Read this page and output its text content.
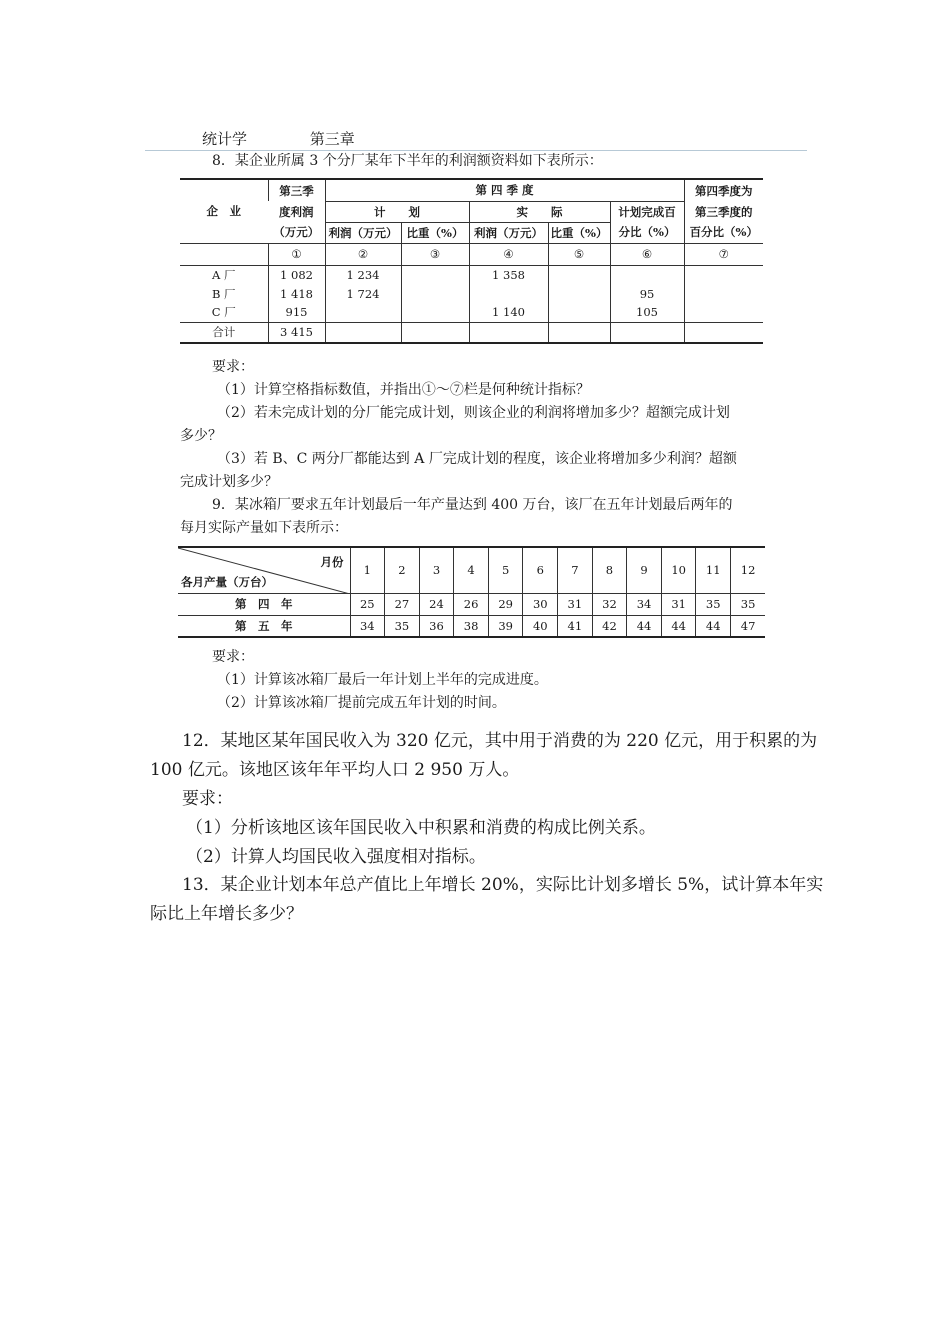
统计学	第三章
8．某企业所属 3 个分厂某年下半年的利润额资料如下表所示：
企　业	第三季	第 四 季 度					第四季度为
	度利润	计　　划		实　　际		计划完成百	第三季度的
	（万元）	利润（万元）	比重（%）	利润（万元）	比重（%）	分比（%）	百分比（%）
	①	②	③	④	⑤	⑥	⑦
A 厂	1 082	1 234		1 358			
B 厂	1 418	1 724				95	
C 厂	915			1 140		105	
合计	3 415						
要求：
（1）计算空格指标数值，并指出①～⑦栏是何种统计指标？
（2）若未完成计划的分厂能完成计划，则该企业的利润将增加多少？超额完成计划
多少？
（3）若 B、C 两分厂都能达到 A 厂完成计划的程度，该企业将增加多少利润？超额
完成计划多少？
9．某冰箱厂要求五年计划最后一年产量达到 400 万台，该厂在五年计划最后两年的
每月实际产量如下表所示：
月份
各月产量（万台）	1	2	3	4	5	6	7	8	9	10	11	12
第　四　年	25	27	24	26	29	30	31	32	34	31	35	35
第　五　年	34	35	36	38	39	40	41	42	44	44	44	47
要求：
（1）计算该冰箱厂最后一年计划上半年的完成进度。
（2）计算该冰箱厂提前完成五年计划的时间。
12．某地区某年国民收入为 320 亿元，其中用于消费的为 220 亿元，用于积累的为
100 亿元。该地区该年年平均人口 2 950 万人。
要求：
（1）分析该地区该年国民收入中积累和消费的构成比例关系。
（2）计算人均国民收入强度相对指标。
13．某企业计划本年总产值比上年增长 20%，实际比计划多增长 5%，试计算本年实
际比上年增长多少？
